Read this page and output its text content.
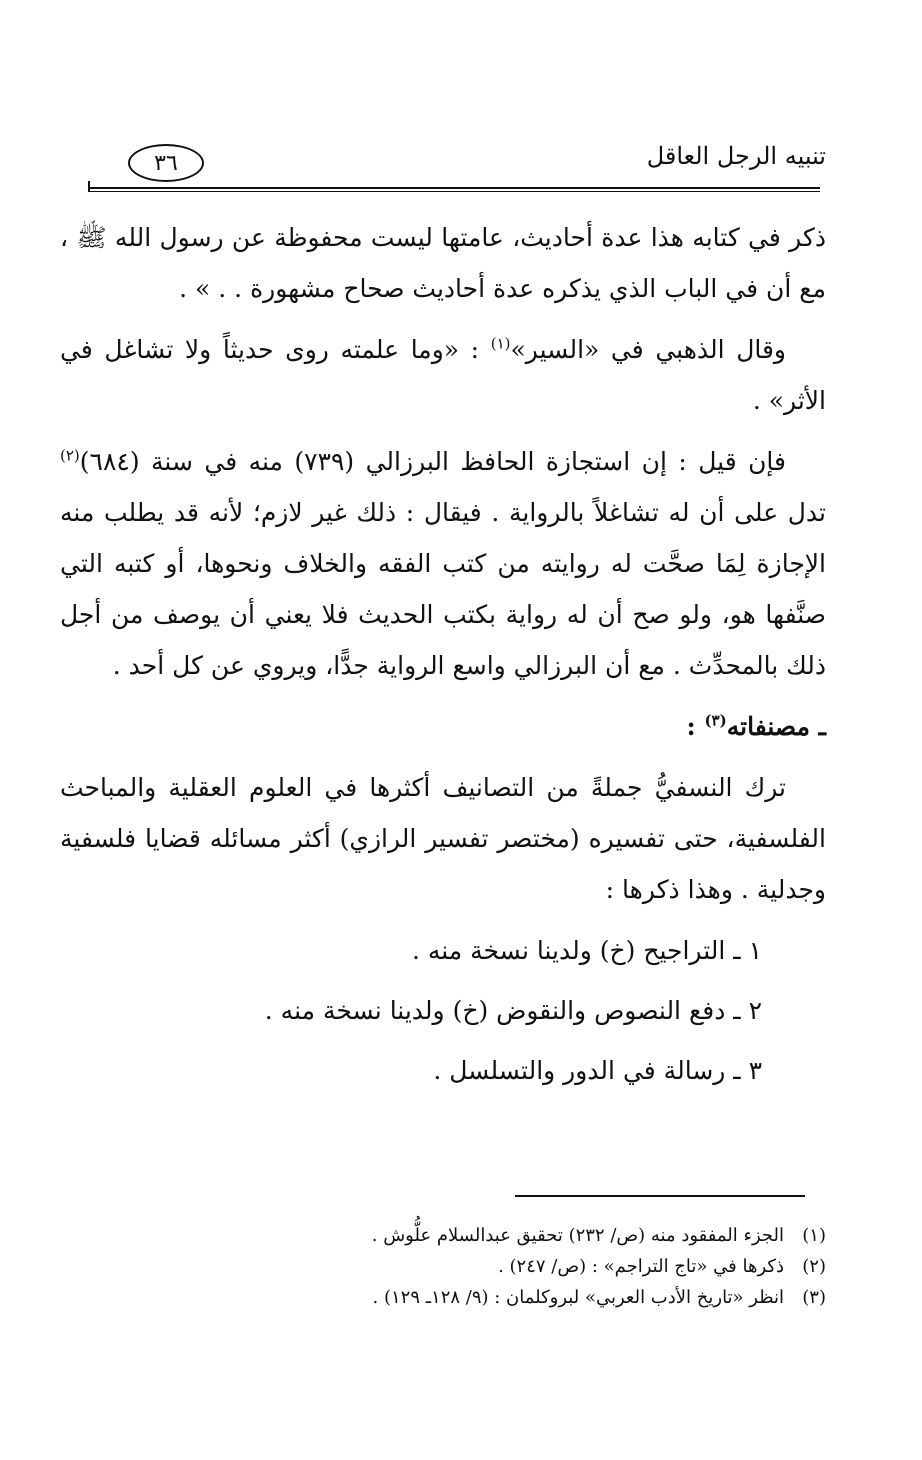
تنبيه الرجل العاقل
٣٦

ذكر في كتابه هذا عدة أحاديث، عامتها ليست محفوظة عن رسول الله ﷺ ، مع أن في الباب الذي يذكره عدة أحاديث صحاح مشهورة . . » .

وقال الذهبي في «السير»$^{(١)}$ : «وما علمته روى حديثاً ولا تشاغل في الأثر» .

فإن قيل : إن استجازة الحافظ البرزالي (٧٣٩) منه في سنة (٦٨٤)$^{(٢)}$ تدل على أن له تشاغلاً بالرواية . فيقال : ذلك غير لازم؛ لأنه قد يطلب منه الإجازة لِمَا صحَّت له روايته من كتب الفقه والخلاف ونحوها، أو كتبه التي صنَّفها هو، ولو صح أن له رواية بكتب الحديث فلا يعني أن يوصف من أجل ذلك بالمحدِّث . مع أن البرزالي واسع الرواية جدًّا، ويروي عن كل أحد .

ـ مصنفاته$^{(٣)}$ :

ترك النسفيُّ جملةً من التصانيف أكثرها في العلوم العقلية والمباحث الفلسفية، حتى تفسيره (مختصر تفسير الرازي) أكثر مسائله قضايا فلسفية وجدلية . وهذا ذكرها :

١ ـ التراجيح (خ) ولدينا نسخة منه .
٢ ـ دفع النصوص والنقوض (خ) ولدينا نسخة منه .
٣ ـ رسالة في الدور والتسلسل .
(١)الجزء المفقود منه (ص/ ٢٣٢) تحقيق عبدالسلام علُّوش .
(٢)ذكرها في «تاج التراجم» : (ص/ ٢٤٧) .
(٣)انظر «تاريخ الأدب العربي» لبروكلمان : (٩/ ١٢٨ـ ١٢٩) .
